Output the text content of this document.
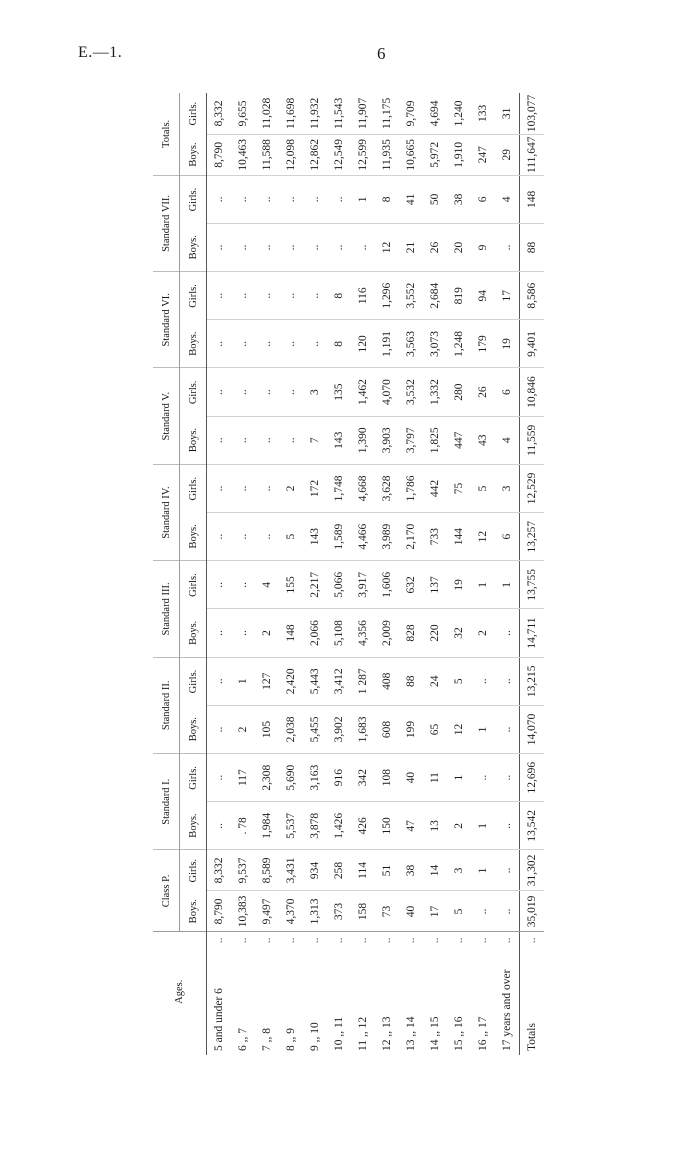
E.—1.	6
Ages.		Class P.		Standard I.		Standard II.		Standard III.		Standard IV.		Standard V.		Standard VI.		Standard VII.		Totals.	
		Boys.	Girls.	Boys.	Girls.	Boys.	Girls.	Boys.	Girls.	Boys.	Girls.	Boys.	Girls.	Boys.	Girls.	Boys.	Girls.	Boys.	Girls.
5 and under 6	..	8,790	8,332	..	..	..	..	..	..	..	..	..	..	..	..	..	..	8,790	8,332
6 ,, 7	..	10,383	9,537	. 78	117	2	1	..	..	..	..	..	..	..	..	..	..	10,463	9,655
7 ,, 8	..	9,497	8,589	1,984	2,308	105	127	2	4	..	..	..	..	..	..	..	..	11,588	11,028
8 ,, 9	..	4,370	3,431	5,537	5,690	2,038	2,420	148	155	5	2	..	..	..	..	..	..	12,098	11,698
9 ,, 10	..	1,313	934	3,878	3,163	5,455	5,443	2,066	2,217	143	172	7	3	..	..	..	..	12,862	11,932
10 ,, 11	..	373	258	1,426	916	3,902	3,412	5,108	5,066	1,589	1,748	143	135	8	8	..	..	12,549	11,543
11 ,, 12	..	158	114	426	342	1,683	1 287	4,356	3,917	4,466	4,668	1,390	1,462	120	116	..	1	12,599	11,907
12 ,, 13	..	73	51	150	108	608	408	2,009	1,606	3,989	3,628	3,903	4,070	1,191	1,296	12	8	11,935	11,175
13 ,, 14	..	40	38	47	40	199	88	828	632	2,170	1,786	3,797	3,532	3,563	3,552	21	41	10,665	9,709
14 ,, 15	..	17	14	13	11	65	24	220	137	733	442	1,825	1,332	3,073	2,684	26	50	5,972	4,694
15 ,, 16	..	5	3	2	1	12	5	32	19	144	75	447	280	1,248	819	20	38	1,910	1,240
16 ,, 17	..	..	1	1	..	1	..	2	1	12	5	43	26	179	94	9	6	247	133
17 years and over	..	..	..	..	..	..	..	..	1	6	3	4	6	19	17	..	4	29	31
Totals	..	35,019	31,302	13,542	12,696	14,070	13,215	14,711	13,755	13,257	12,529	11,559	10,846	9,401	8,586	88	148	111,647	103,077
